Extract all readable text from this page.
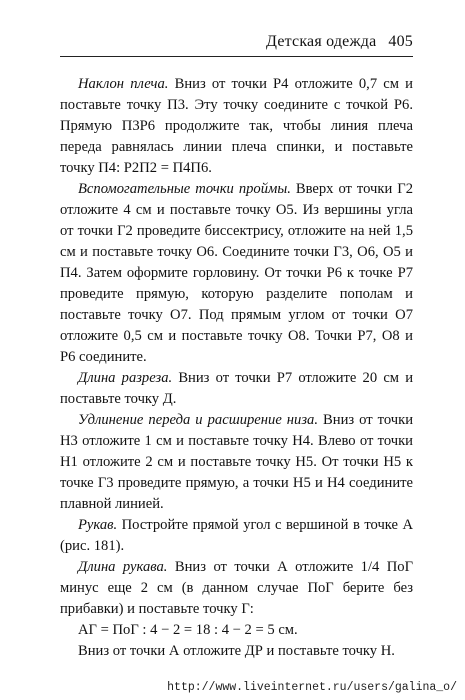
Детская одежда 405

Наклон плеча. Вниз от точки Р4 отложите 0,7 см и поставьте точку П3. Эту точку соедините с точкой Р6. Прямую П3Р6 продолжите так, чтобы линия плеча переда равнялась линии плеча спинки, и поставьте точку П4: Р2П2 = П4П6.

Вспомогательные точки проймы. Вверх от точки Г2 отложите 4 см и поставьте точку О5. Из вершины угла от точки Г2 проведите биссектрису, отложите на ней 1,5 см и поставьте точку О6. Соедините точки Г3, О6, О5 и П4. Затем оформите горловину. От точки Р6 к точке Р7 проведите прямую, которую разделите пополам и поставьте точку О7. Под прямым углом от точки О7 отложите 0,5 см и поставьте точку О8. Точки Р7, О8 и Р6 соедините.

Длина разреза. Вниз от точки Р7 отложите 20 см и поставьте точку Д.

Удлинение переда и расширение низа. Вниз от точки Н3 отложите 1 см и поставьте точку Н4. Влево от точки Н1 отложите 2 см и поставьте точку Н5. От точки Н5 к точке Г3 проведите прямую, а точки Н5 и Н4 соедините плавной линией.

Рукав. Постройте прямой угол с вершиной в точке А (рис. 181).

Длина рукава. Вниз от точки А отложите 1/4 ПоГ минус еще 2 см (в данном случае ПоГ берите без прибавки) и поставьте точку Г:

АГ = ПоГ : 4 − 2 = 18 : 4 − 2 = 5 см.

Вниз от точки А отложите ДР и поставьте точку Н.

http://www.liveinternet.ru/users/galina_o/
